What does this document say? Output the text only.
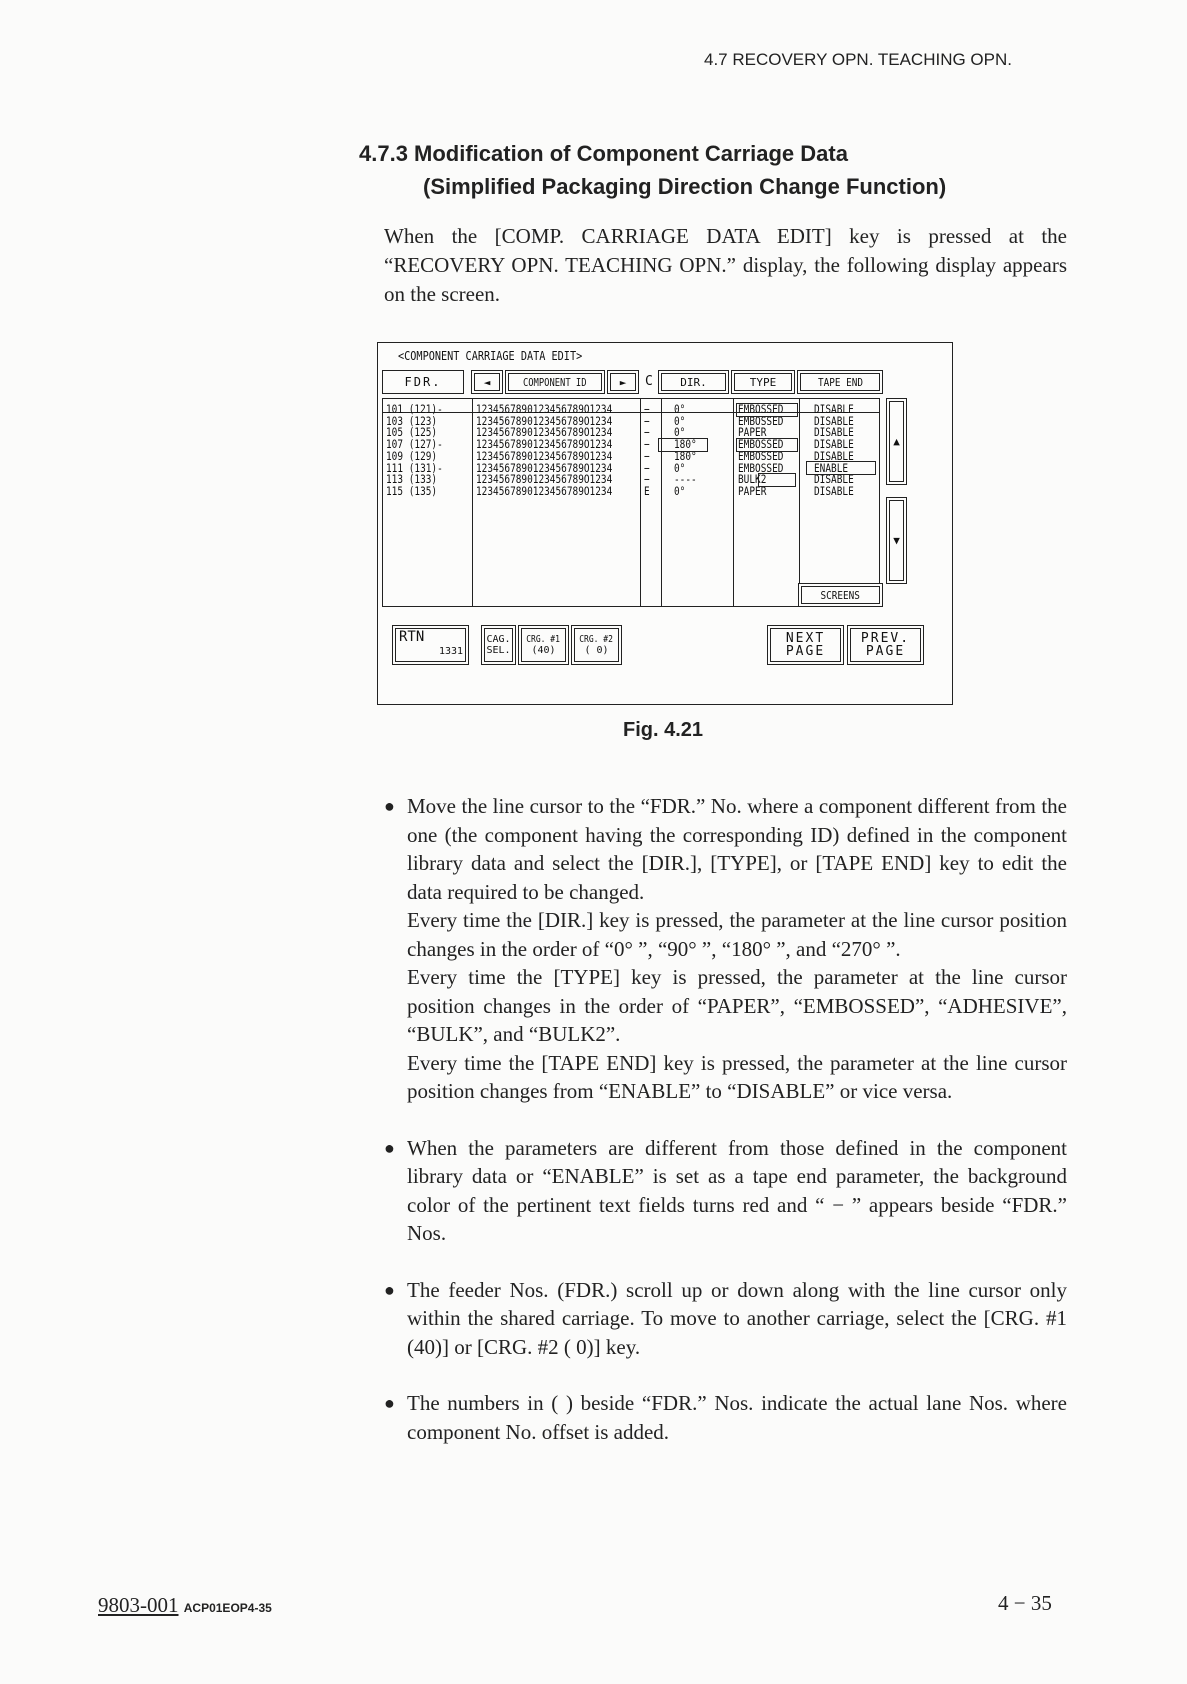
4.7 RECOVERY OPN. TEACHING OPN.
4.7.3 Modification of Component Carriage Data
(Simplified Packaging Direction Change Function)
When the [COMP. CARRIAGE DATA EDIT] key is pressed at the “RECOVERY OPN. TEACHING OPN.” display, the following display appears on the screen.
<COMPONENT CARRIAGE DATA EDIT>
FDR.	◄	COMPONENT ID	►	C	DIR.	TYPE	TAPE END
101 (121)-	1234567890123456789O1234	− 0°	EMBOSSED	DISABLE
103 (123)	1234567890123456789O1234	− 0°	EMBOSSED	DISABLE
105 (125)	1234567890123456789O1234	− 0°	PAPER	DISABLE
107 (127)-	1234567890123456789O1234	− 180°	EMBOSSED	DISABLE
109 (129)	1234567890123456789O1234	− 180°	EMBOSSED	DISABLE
111 (131)-	1234567890123456789O1234	− 0°	EMBOSSED	ENABLE
113 (133)	1234567890123456789O1234	− ----	BULK2	DISABLE
115 (135)	1234567890123456789O1234	E 0°	PAPER	DISABLE
▲
▼
SCREENS
RTN
1331
CAG.
SEL.
CRG. #1
(40)
CRG. #2
( 0)
NEXT
PAGE
PREV.
PAGE
Fig. 4.21
● Move the line cursor to the “FDR.” No. where a component different from the one (the component having the corresponding ID) defined in the component library data and select the [DIR.], [TYPE], or [TAPE END] key to edit the data required to be changed.

Every time the [DIR.] key is pressed, the parameter at the line cursor position changes in the order of “0° ”, “90° ”, “180° ”, and “270° ”.

Every time the [TYPE] key is pressed, the parameter at the line cursor position changes in the order of “PAPER”, “EMBOSSED”, “ADHESIVE”, “BULK”, and “BULK2”.

Every time the [TAPE END] key is pressed, the parameter at the line cursor position changes from “ENABLE” to “DISABLE” or vice versa.

● When the parameters are different from those defined in the component library data or “ENABLE” is set as a tape end parameter, the background color of the pertinent text fields turns red and “ − ” appears beside “FDR.” Nos.

● The feeder Nos. (FDR.) scroll up or down along with the line cursor only within the shared carriage. To move to another carriage, select the [CRG. #1 (40)] or [CRG. #2 ( 0)] key.

● The numbers in ( ) beside “FDR.” Nos. indicate the actual lane Nos. where component No. offset is added.

9803-001 ACP01EOP4-35	4 − 35
